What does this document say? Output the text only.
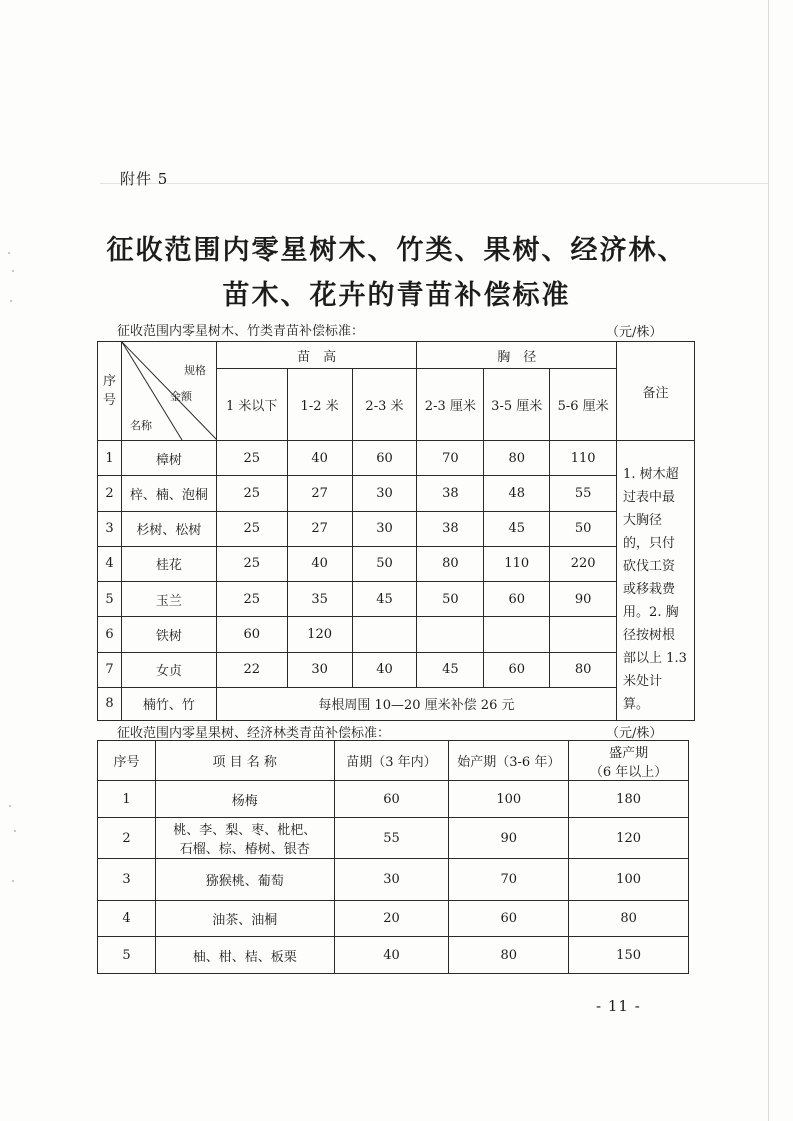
附件 5
征收范围内零星树木、竹类、果树、经济林、
苗木、花卉的青苗补偿标准
征收范围内零星树木、竹类青苗补偿标准：	（元/株）
序号	规格
金额
名称	苗　高			胸　径			备注
		1 米以下	1-2 米	2-3 米	2-3 厘米	3-5 厘米	5-6 厘米	
1	樟树	25	40	60	70	80	110	1. 树木超过表中最大胸径的，只付砍伐工资或移栽费用。2. 胸径按树根部以上 1.3 米处计算。
2	梓、楠、泡桐	25	27	30	38	48	55	
3	杉树、松树	25	27	30	38	45	50	
4	桂花	25	40	50	80	110	220	
5	玉兰	25	35	45	50	60	90	
6	铁树	60	120					
7	女贞	22	30	40	45	60	80	
8	楠竹、竹	每根周围 10—20 厘米补偿 26 元						
征收范围内零星果树、经济林类青苗补偿标准：	（元/株）
序号	项 目 名 称	苗期（3 年内）	始产期（3-6 年）	盛产期
（6 年以上）

1	杨梅	60	100	180
2	桃、李、梨、枣、枇杷、
石榴、棕、椿树、银杏	55	90	120
3	猕猴桃、葡萄	30	70	100
4	油茶、油桐	20	60	80
5	柚、柑、桔、板栗	40	80	150
- 11 -
